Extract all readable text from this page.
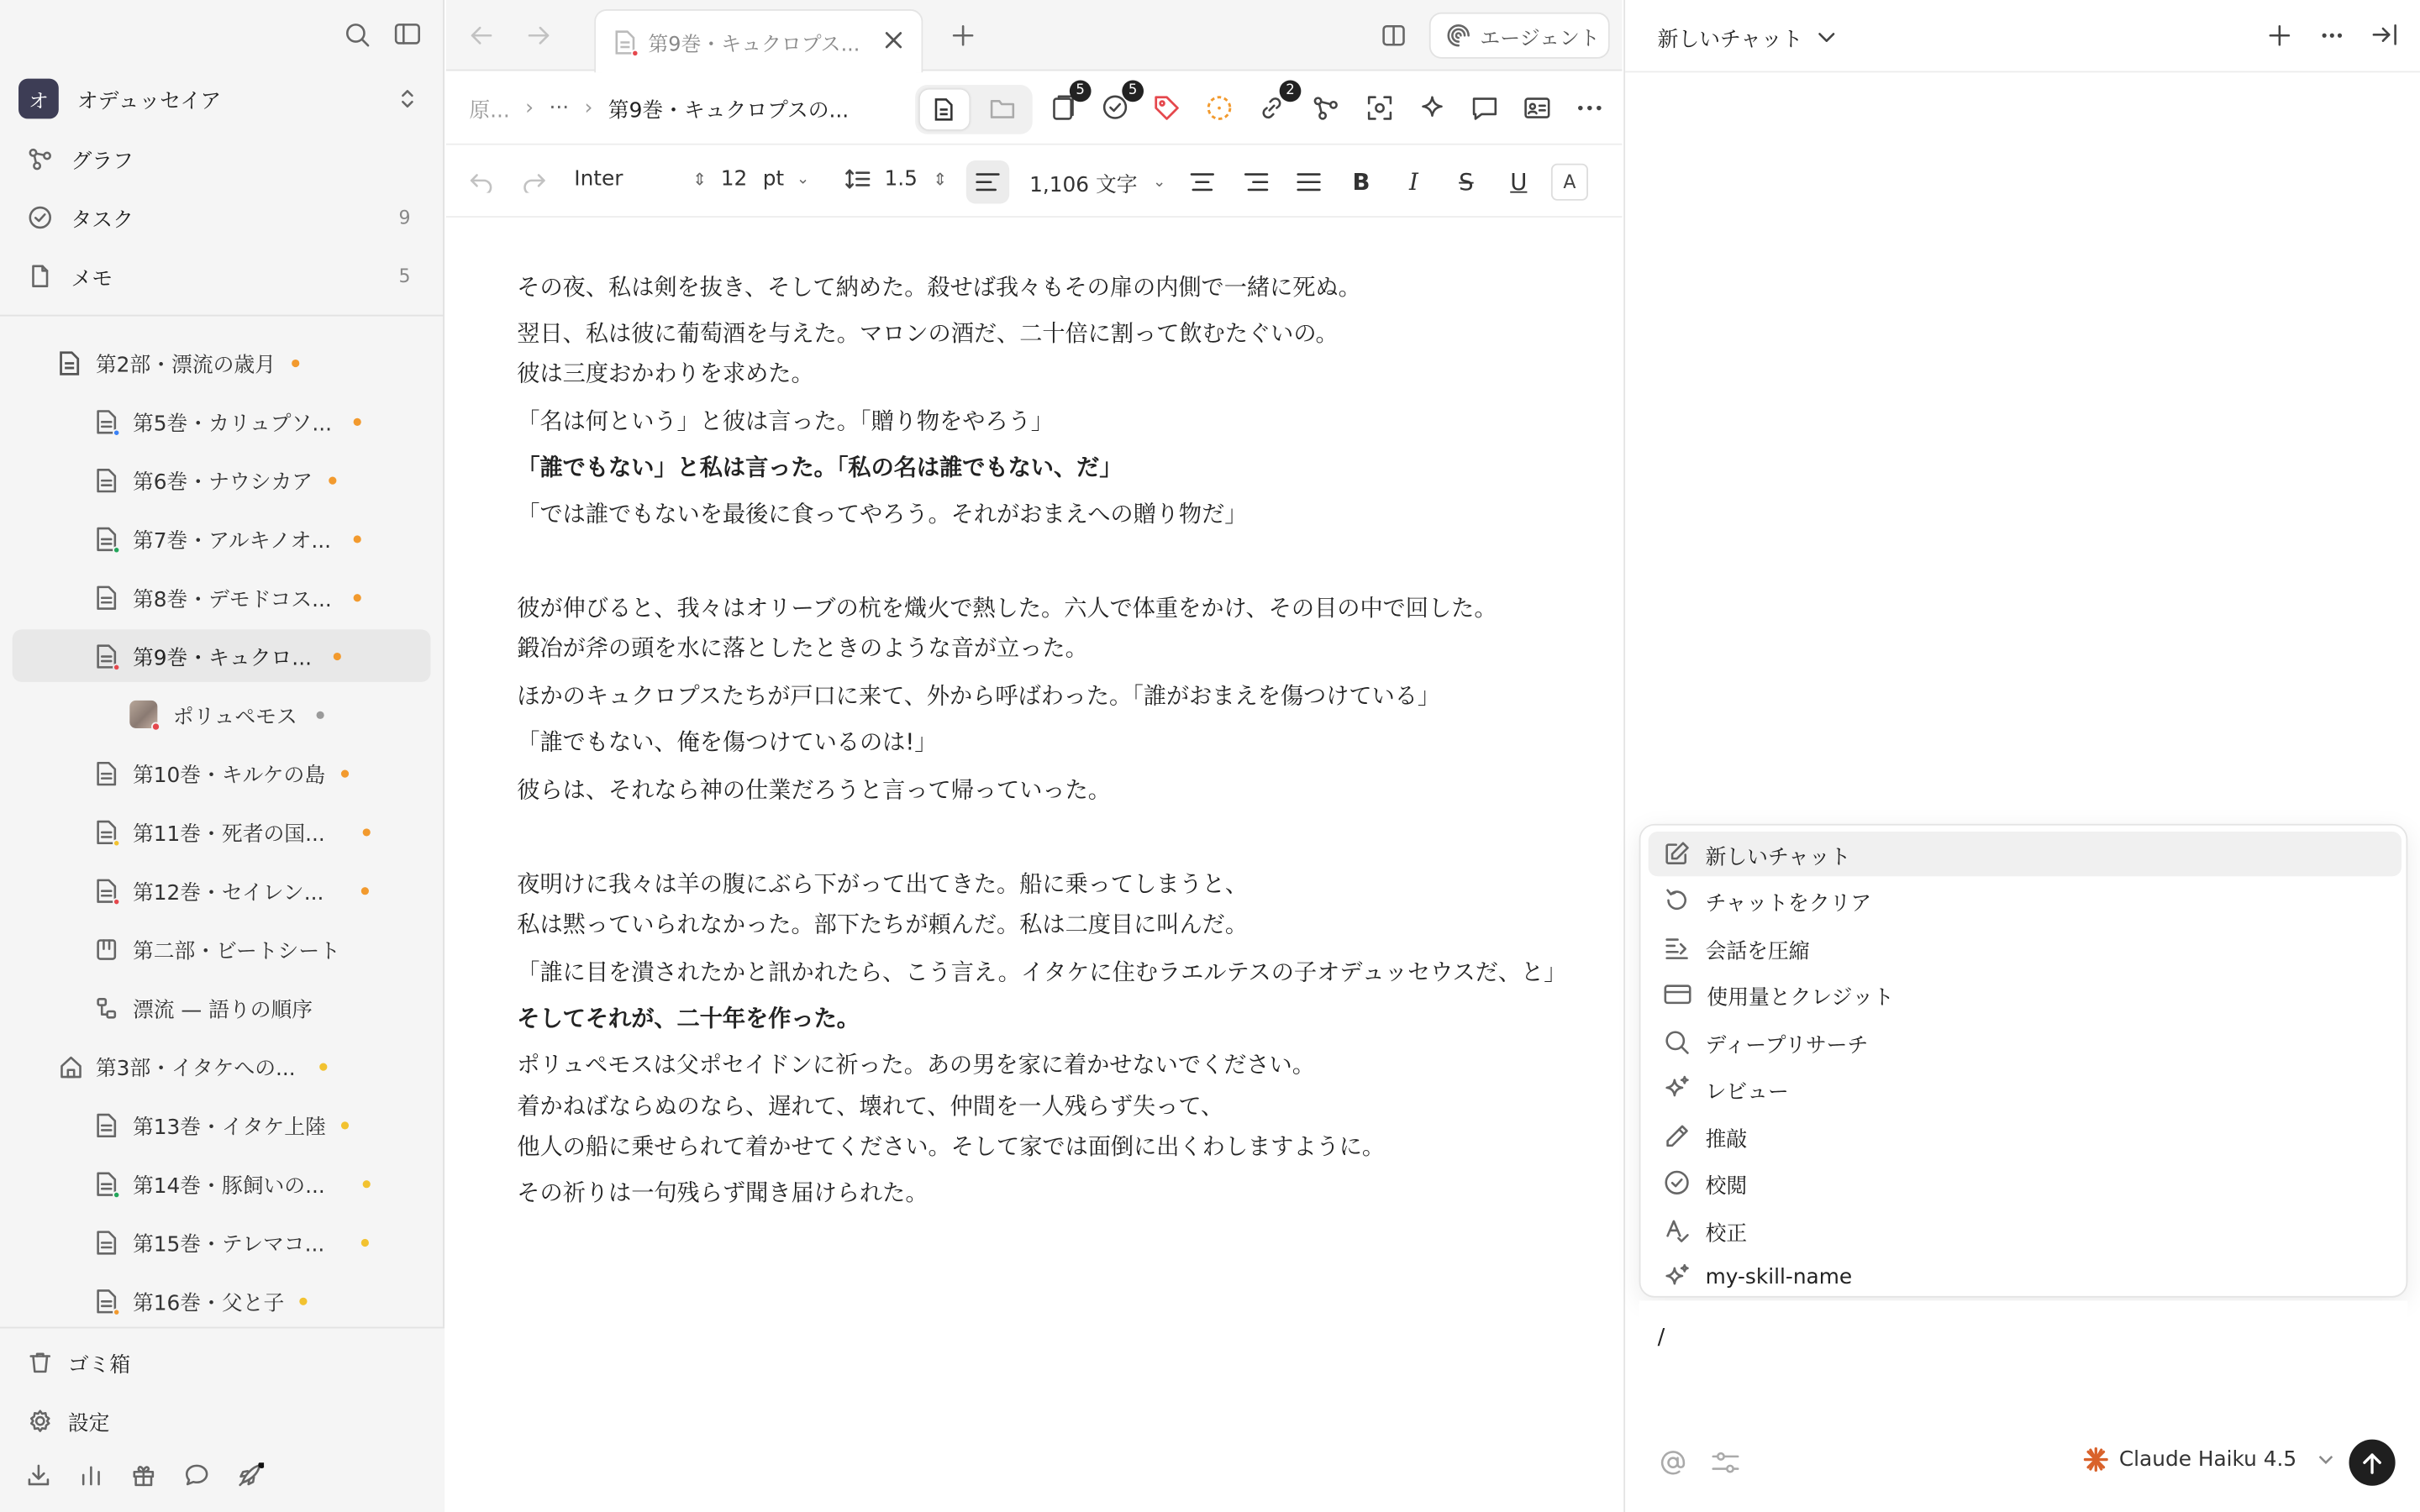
オ	オデュッセイア
グラフ
タスク	9
メモ	5
第2部・漂流の歳月
第5巻・カリュプソ...
第6巻・ナウシカア
第7巻・アルキノオ...
第8巻・デモドコス...
第9巻・キュクロ...
ポリュペモス
第10巻・キルケの島
第11巻・死者の国...
第12巻・セイレン...
第二部・ビートシート
漂流 — 語りの順序
第3部・イタケへの...
第13巻・イタケ上陸
第14巻・豚飼いの...
第15巻・テレマコ...
第16巻・父と子
ゴミ箱
設定
第9巻・キュクロプス...	エージェント
原... › ··· › 第9巻・キュクロプスの...
5	5	2
Inter	⇕ 12 pt ⌄	1.5 ⇕	1,106 文字 ⌄	B	I	S	U	A

その夜、私は剣を抜き、そして納めた。殺せば我々もその扉の内側で一緒に死ぬ。

翌日、私は彼に葡萄酒を与えた。マロンの酒だ、二十倍に割って飲むたぐいの。

彼は三度おかわりを求めた。

「名は何という」と彼は言った。「贈り物をやろう」

「誰でもない」と私は言った。「私の名は誰でもない、だ」

「では誰でもないを最後に食ってやろう。それがおまえへの贈り物だ」

彼が伸びると、我々はオリーブの杭を熾火で熱した。六人で体重をかけ、その目の中で回した。

鍛冶が斧の頭を水に落としたときのような音が立った。

ほかのキュクロプスたちが戸口に来て、外から呼ばわった。「誰がおまえを傷つけている」

「誰でもない、俺を傷つけているのは!」

彼らは、それなら神の仕業だろうと言って帰っていった。

夜明けに我々は羊の腹にぶら下がって出てきた。船に乗ってしまうと、

私は黙っていられなかった。部下たちが頼んだ。私は二度目に叫んだ。

「誰に目を潰されたかと訊かれたら、こう言え。イタケに住むラエルテスの子オデュッセウスだ、と」

そしてそれが、二十年を作った。

ポリュペモスは父ポセイドンに祈った。あの男を家に着かせないでください。

着かねばならぬのなら、遅れて、壊れて、仲間を一人残らず失って、

他人の船に乗せられて着かせてください。そして家では面倒に出くわしますように。

その祈りは一句残らず聞き届けられた。

新しいチャット
新しいチャット
チャットをクリア
会話を圧縮
使用量とクレジット
ディープリサーチ
レビュー
推敲
校閲
校正
my-skill-name
/
Claude Haiku 4.5
